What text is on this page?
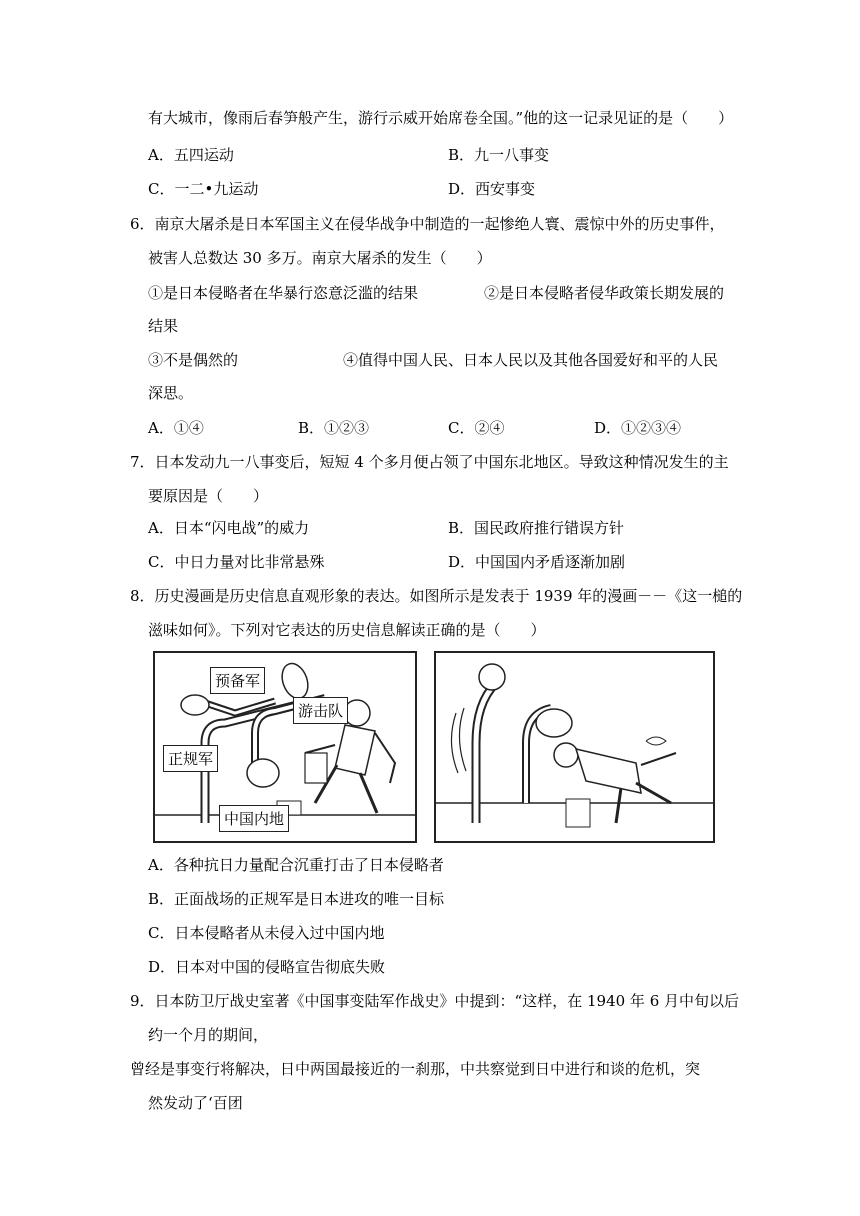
有大城市，像雨后春笋般产生，游行示威开始席卷全国。”他的这一记录见证的是（　　）
A．五四运动	B．九一八事变
C．一二•九运动	D．西安事变
6．南京大屠杀是日本军国主义在侵华战争中制造的一起惨绝人寰、震惊中外的历史事件，
被害人总数达 30 多万。南京大屠杀的发生（　　）
①是日本侵略者在华暴行恣意泛滥的结果	②是日本侵略者侵华政策长期发展的
结果
③不是偶然的	④值得中国人民、日本人民以及其他各国爱好和平的人民
深思。
A．①④	B．①②③	C．②④	D．①②③④
7．日本发动九一八事变后，短短 4 个多月便占领了中国东北地区。导致这种情况发生的主
要原因是（　　）
A．日本“闪电战”的威力	B．国民政府推行错误方针
C．中日力量对比非常悬殊	D．中国国内矛盾逐渐加剧
8．历史漫画是历史信息直观形象的表达。如图所示是发表于 1939 年的漫画－－《这一槌的
滋味如何》。下列对它表达的历史信息解读正确的是（　　）
预备军
游击队
正规军
中国内地
A．各种抗日力量配合沉重打击了日本侵略者
B．正面战场的正规军是日本进攻的唯一目标
C．日本侵略者从未侵入过中国内地
D．日本对中国的侵略宣告彻底失败
9．日本防卫厅战史室著《中国事变陆军作战史》中提到：“这样，在 1940 年 6 月中旬以后
约一个月的期间，
曾经是事变行将解决，日中两国最接近的一刹那，中共察觉到日中进行和谈的危机，突
然发动了‘百团
